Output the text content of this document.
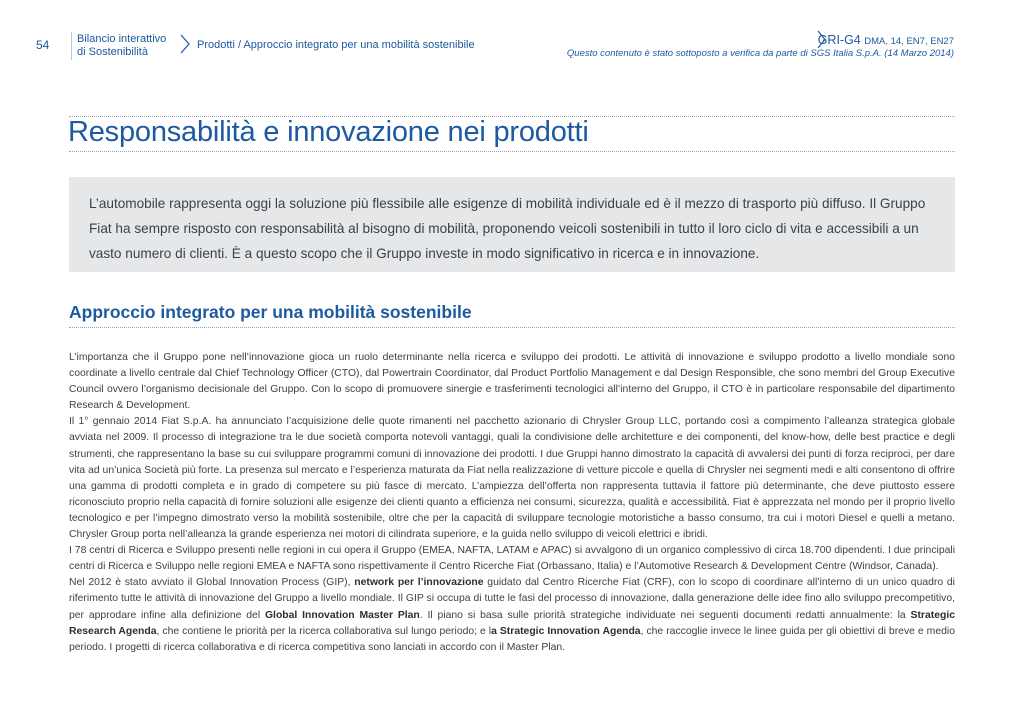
54	Bilancio interattivo
di Sostenibilità
Prodotti / Approccio integrato per una mobilità sostenibile	GRI-G4 DMA, 14, EN7, EN27
Questo contenuto è stato sottoposto a verifica da parte di SGS Italia S.p.A. (14 Marzo 2014)
Responsabilità e innovazione nei prodotti
L’automobile rappresenta oggi la soluzione più flessibile alle esigenze di mobilità individuale ed è il mezzo di trasporto più diffuso. Il Gruppo Fiat ha sempre risposto con responsabilità al bisogno di mobilità, proponendo veicoli sostenibili in tutto il loro ciclo di vita e accessibili a un vasto numero di clienti. È a questo scopo che il Gruppo investe in modo significativo in ricerca e in innovazione.
Approccio integrato per una mobilità sostenibile

L’importanza che il Gruppo pone nell’innovazione gioca un ruolo determinante nella ricerca e sviluppo dei prodotti. Le attività di innovazione e sviluppo prodotto a livello mondiale sono coordinate a livello centrale dal Chief Technology Officer (CTO), dal Powertrain Coordinator, dal Product Portfolio Management e dal Design Responsible, che sono membri del Group Executive Council ovvero l’organismo decisionale del Gruppo. Con lo scopo di promuovere sinergie e trasferimenti tecnologici all’interno del Gruppo, il CTO è in particolare responsabile del dipartimento Research & Development.

Il 1° gennaio 2014 Fiat S.p.A. ha annunciato l’acquisizione delle quote rimanenti nel pacchetto azionario di Chrysler Group LLC, portando così a compimento l’alleanza strategica globale avviata nel 2009. Il processo di integrazione tra le due società comporta notevoli vantaggi, quali la condivisione delle architetture e dei componenti, del know-how, delle best practice e degli strumenti, che rappresentano la base su cui sviluppare programmi comuni di innovazione dei prodotti. I due Gruppi hanno dimostrato la capacità di avvalersi dei punti di forza reciproci, per dare vita ad un’unica Società più forte. La presenza sul mercato e l’esperienza maturata da Fiat nella realizzazione di vetture piccole e quella di Chrysler nei segmenti medi e alti consentono di offrire una gamma di prodotti completa e in grado di competere su più fasce di mercato. L’ampiezza dell’offerta non rappresenta tuttavia il fattore più determinante, che deve piuttosto essere riconosciuto proprio nella capacità di fornire soluzioni alle esigenze dei clienti quanto a efficienza nei consumi, sicurezza, qualità e accessibilità. Fiat è apprezzata nel mondo per il proprio livello tecnologico e per l’impegno dimostrato verso la mobilità sostenibile, oltre che per la capacità di sviluppare tecnologie motoristiche a basso consumo, tra cui i motori Diesel e quelli a metano. Chrysler Group porta nell’alleanza la grande esperienza nei motori di cilindrata superiore, e la guida nello sviluppo di veicoli elettrici e ibridi.

I 78 centri di Ricerca e Sviluppo presenti nelle regioni in cui opera il Gruppo (EMEA, NAFTA, LATAM e APAC) si avvalgono di un organico complessivo di circa 18.700 dipendenti. I due principali centri di Ricerca e Sviluppo nelle regioni EMEA e NAFTA sono rispettivamente il Centro Ricerche Fiat (Orbassano, Italia) e l’Automotive Research & Development Centre (Windsor, Canada).

Nel 2012 è stato avviato il Global Innovation Process (GIP), network per l’innovazione guidato dal Centro Ricerche Fiat (CRF), con lo scopo di coordinare all’interno di un unico quadro di riferimento tutte le attività di innovazione del Gruppo a livello mondiale. Il GIP si occupa di tutte le fasi del processo di innovazione, dalla generazione delle idee fino allo sviluppo precompetitivo, per approdare infine alla definizione del Global Innovation Master Plan. Il piano si basa sulle priorità strategiche individuate nei seguenti documenti redatti annualmente: la Strategic Research Agenda, che contiene le priorità per la ricerca collaborativa sul lungo periodo; e la Strategic Innovation Agenda, che raccoglie invece le linee guida per gli obiettivi di breve e medio periodo. I progetti di ricerca collaborativa e di ricerca competitiva sono lanciati in accordo con il Master Plan.
